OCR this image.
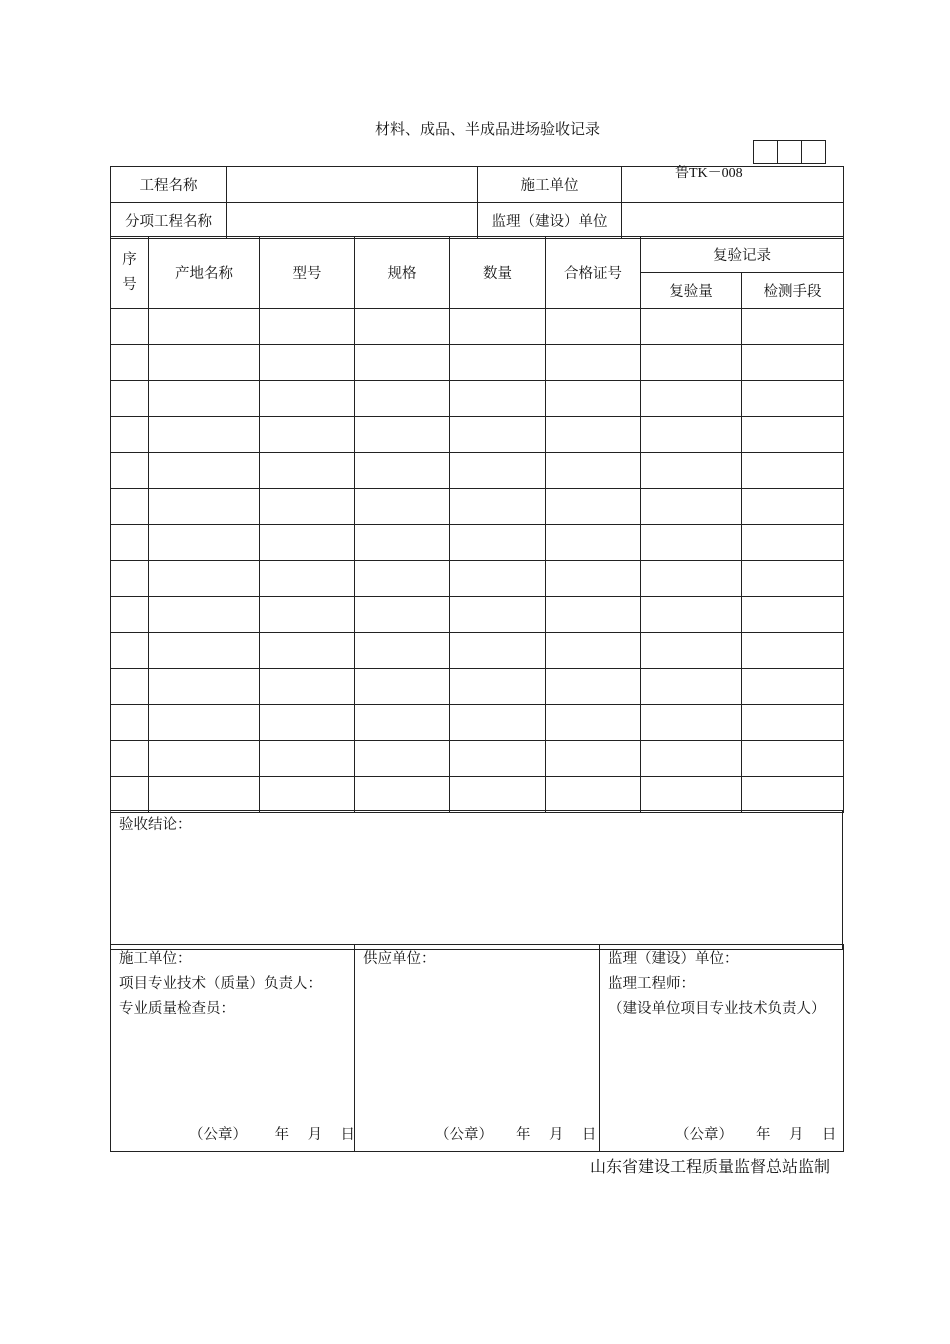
材料、成品、半成品进场验收记录
鲁TK－008
工程名称		施工单位	
分项工程名称		监理（建设）单位	
序号	产地名称	型号	规格	数量	合格证号	复验记录	
						复验量	检测手段

验收结论：
施工单位：
项目专业技术（质量）负责人：
专业质量检查员：
（公章） 年 月 日

供应单位：
（公章） 年 月 日

监理（建设）单位：
监理工程师：
（建设单位项目专业技术负责人）
（公章） 年 月 日
山东省建设工程质量监督总站监制
